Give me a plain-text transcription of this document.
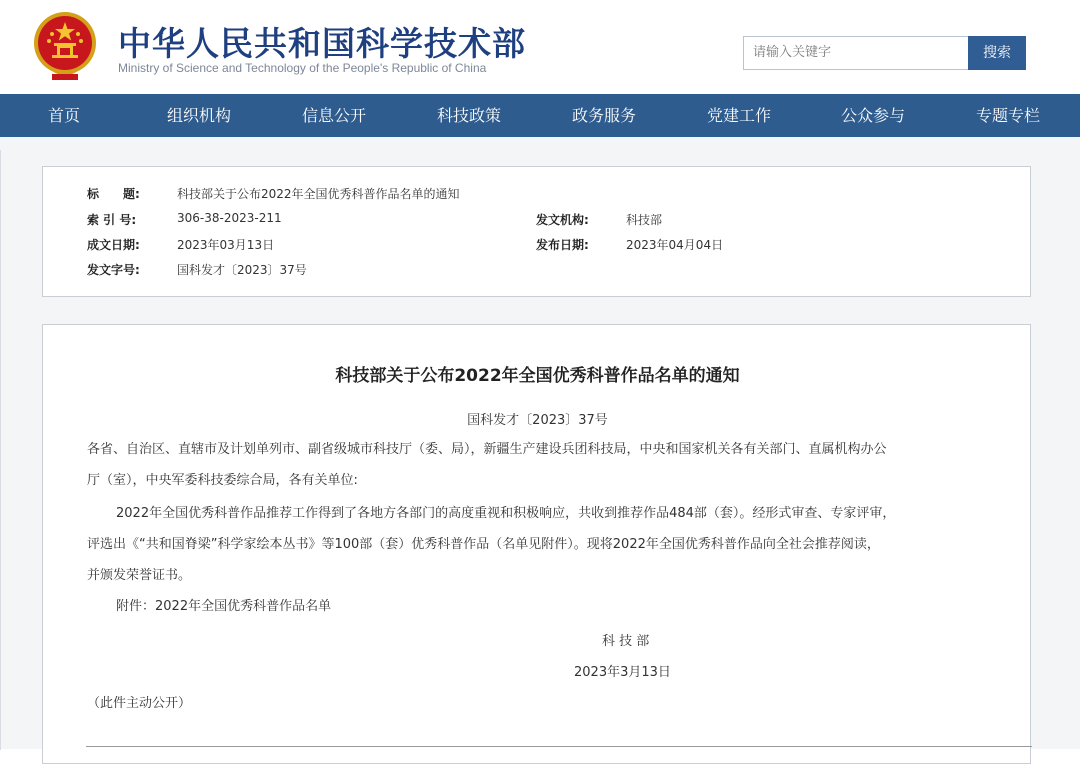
中华人民共和国科学技术部
Ministry of Science and Technology of the People's Republic of China
请输入关键字	搜索
首页	组织机构	信息公开	科技政策	政务服务	党建工作	公众参与	专题专栏
标　　题:	科技部关于公布2022年全国优秀科普作品名单的通知
索 引 号:	306-38-2023-211	发文机构:	科技部
成文日期:	2023年03月13日	发布日期:	2023年04月04日
发文字号:	国科发才〔2023〕37号
科技部关于公布2022年全国优秀科普作品名单的通知
国科发才〔2023〕37号
各省、自治区、直辖市及计划单列市、副省级城市科技厅（委、局），新疆生产建设兵团科技局，中央和国家机关各有关部门、直属机构办公
厅（室），中央军委科技委综合局，各有关单位:
2022年全国优秀科普作品推荐工作得到了各地方各部门的高度重视和积极响应，共收到推荐作品484部（套）。经形式审查、专家评审，
评选出《“共和国脊梁”科学家绘本丛书》等100部（套）优秀科普作品（名单见附件）。现将2022年全国优秀科普作品向全社会推荐阅读，
并颁发荣誉证书。
附件：2022年全国优秀科普作品名单
科 技 部
2023年3月13日
（此件主动公开）
